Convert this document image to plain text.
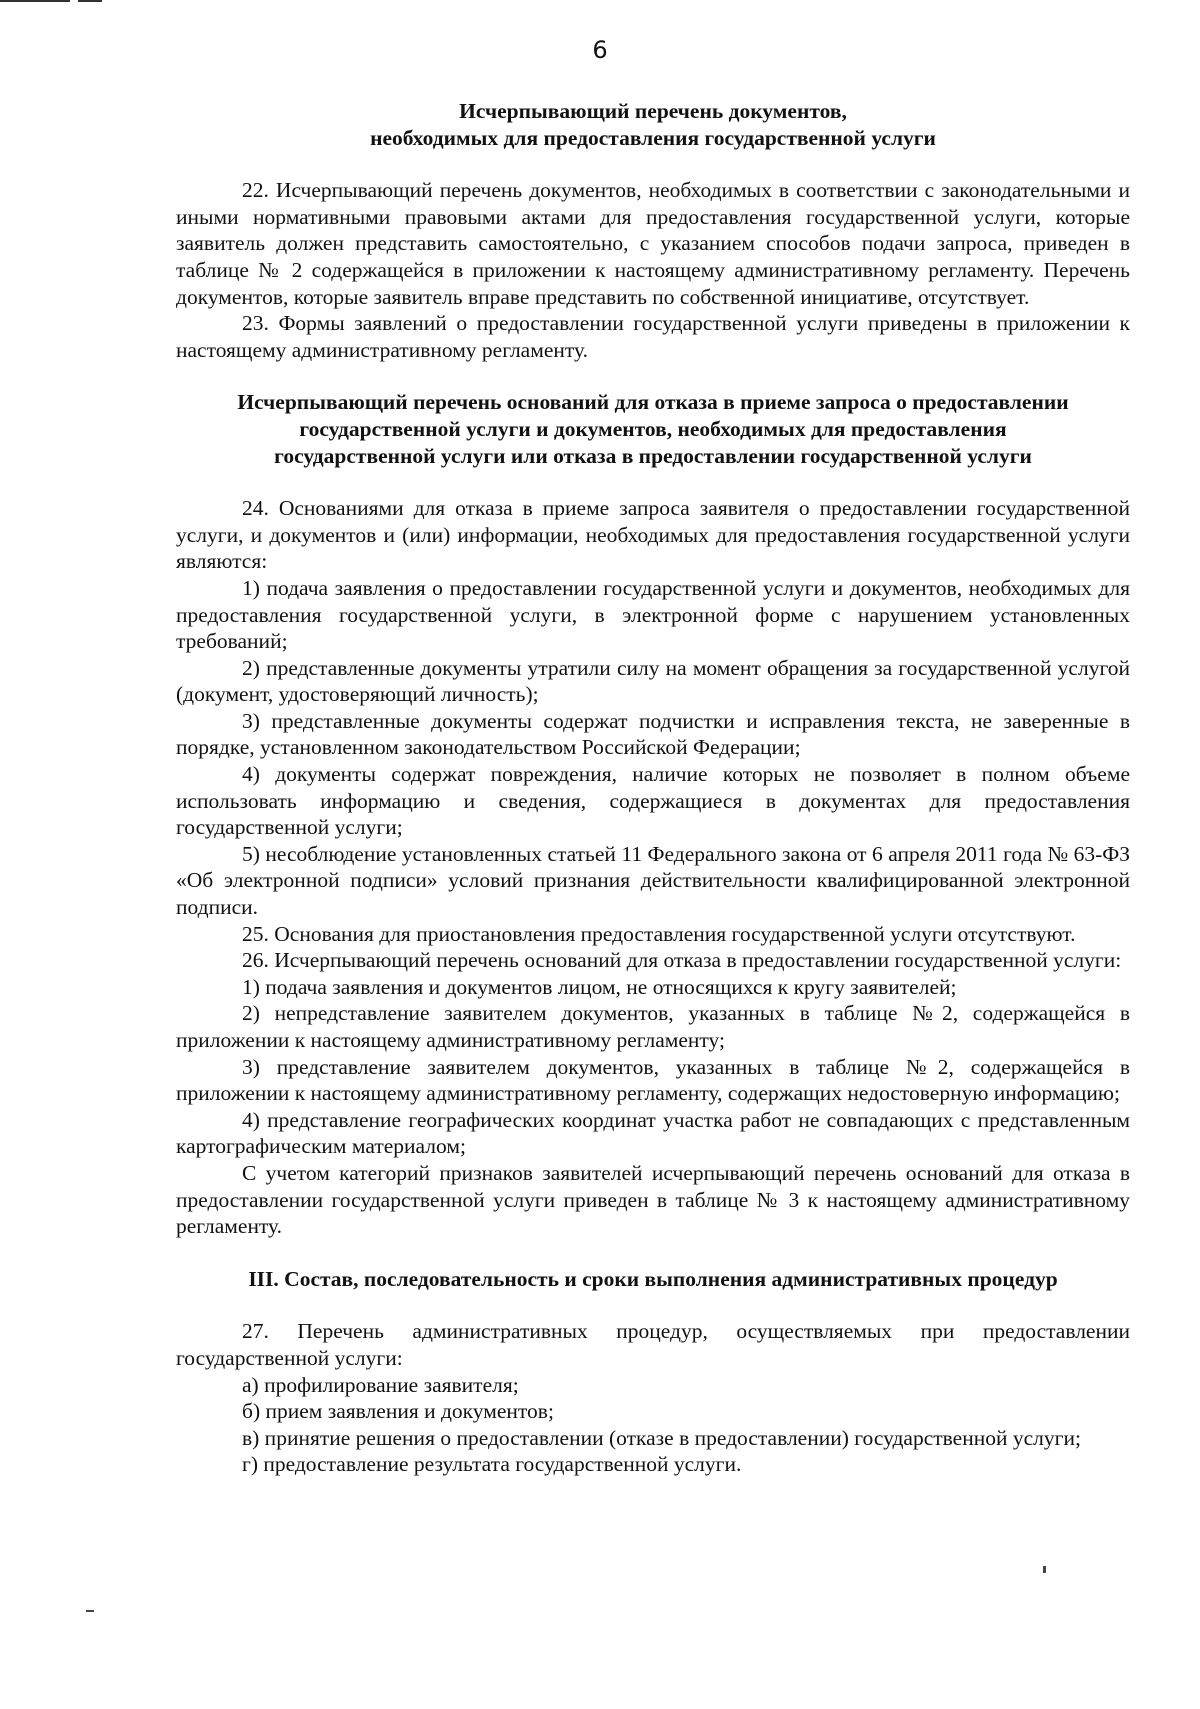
6

Исчерпывающий перечень документов,
необходимых для предоставления государственной услуги

22. Исчерпывающий перечень документов, необходимых в соответствии с законодательными и иными нормативными правовыми актами для предоставления государственной услуги, которые заявитель должен представить самостоятельно, с указанием способов подачи запроса, приведен в таблице № 2 содержащейся в приложении к настоящему административному регламенту. Перечень документов, которые заявитель вправе представить по собственной инициативе, отсутствует.

23. Формы заявлений о предоставлении государственной услуги приведены в приложении к настоящему административному регламенту.

Исчерпывающий перечень оснований для отказа в приеме запроса о предоставлении
государственной услуги и документов, необходимых для предоставления
государственной услуги или отказа в предоставлении государственной услуги

24. Основаниями для отказа в приеме запроса заявителя о предоставлении государственной услуги, и документов и (или) информации, необходимых для предоставления государственной услуги являются:

1) подача заявления о предоставлении государственной услуги и документов, необходимых для предоставления государственной услуги, в электронной форме с нарушением установленных требований;

2) представленные документы утратили силу на момент обращения за государственной услугой (документ, удостоверяющий личность);

3) представленные документы содержат подчистки и исправления текста, не заверенные в порядке, установленном законодательством Российской Федерации;

4) документы содержат повреждения, наличие которых не позволяет в полном объеме использовать информацию и сведения, содержащиеся в документах для предоставления государственной услуги;

5) несоблюдение установленных статьей 11 Федерального закона от 6 апреля 2011 года № 63-ФЗ «Об электронной подписи» условий признания действительности квалифицированной электронной подписи.

25. Основания для приостановления предоставления государственной услуги отсутствуют.

26. Исчерпывающий перечень оснований для отказа в предоставлении государственной услуги:

1) подача заявления и документов лицом, не относящихся к кругу заявителей;

2) непредставление заявителем документов, указанных в таблице №2, содержащейся в приложении к настоящему административному регламенту;

3) представление заявителем документов, указанных в таблице №2, содержащейся в приложении к настоящему административному регламенту, содержащих недостоверную информацию;

4) представление географических координат участка работ не совпадающих с представленным картографическим материалом;

С учетом категорий признаков заявителей исчерпывающий перечень оснований для отказа в предоставлении государственной услуги приведен в таблице № 3 к настоящему административному регламенту.

III. Состав, последовательность и сроки выполнения административных процедур

27. Перечень административных процедур, осуществляемых при предоставлении государственной услуги:

а) профилирование заявителя;

б) прием заявления и документов;

в) принятие решения о предоставлении (отказе в предоставлении) государственной услуги;

г) предоставление результата государственной услуги.
